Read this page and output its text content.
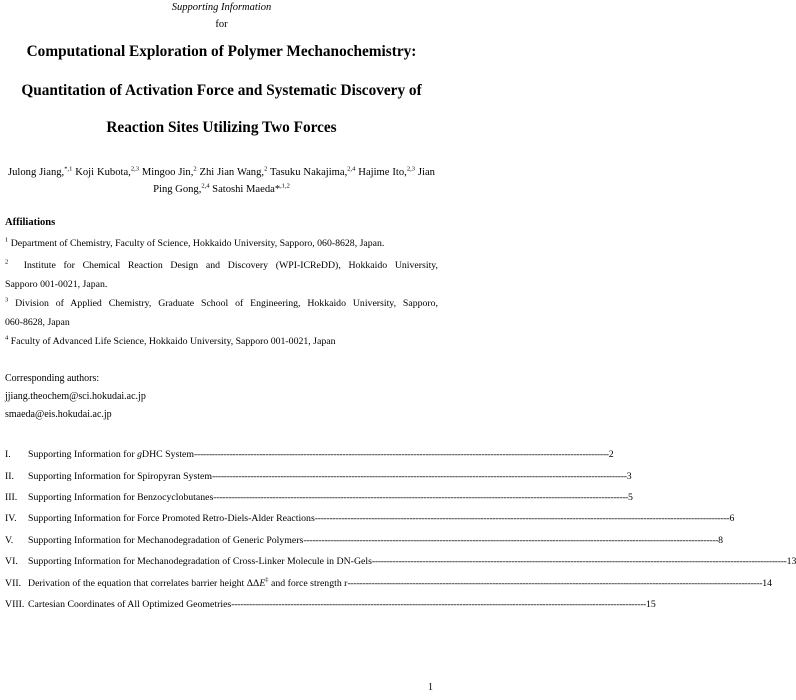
Supporting Information
for
Computational Exploration of Polymer Mechanochemistry:
Quantitation of Activation Force and Systematic Discovery of
Reaction Sites Utilizing Two Forces
Julong Jiang,$^{*,1}$ Koji Kubota,$^{2,3}$ Mingoo Jin,$^2$ Zhi Jian Wang,$^2$ Tasuku Nakajima,$^{2,4}$ Hajime Ito,$^{2,3}$ Jian Ping Gong,$^{2,4}$ Satoshi Maeda*$^{,1,2}$
Affiliations
$^1$ Department of Chemistry, Faculty of Science, Hokkaido University, Sapporo, 060-8628, Japan.
$^2$ Institute for Chemical Reaction Design and Discovery (WPI-ICReDD), Hokkaido University,
Sapporo 001-0021, Japan.
$^3$ Division of Applied Chemistry, Graduate School of Engineering, Hokkaido University, Sapporo,
060-8628, Japan
$^4$ Faculty of Advanced Life Science, Hokkaido University, Sapporo 001-0021, Japan
Corresponding authors:
jjiang.theochem@sci.hokudai.ac.jp
smaeda@eis.hokudai.ac.jp
I.	Supporting Information for gDHC System -------------------------------------------------------------------------------------------------------------------------------------------- 2
II.	Supporting Information for Spiropyran System -------------------------------------------------------------------------------------------------------------------------------------------- 3
III.	Supporting Information for Benzocyclobutanes -------------------------------------------------------------------------------------------------------------------------------------------- 5
IV.	Supporting Information for Force Promoted Retro-Diels-Alder Reactions -------------------------------------------------------------------------------------------------------------------------------------------- 6
V.	Supporting Information for Mechanodegradation of Generic Polymers -------------------------------------------------------------------------------------------------------------------------------------------- 8
VI.	Supporting Information for Mechanodegradation of Cross-Linker Molecule in DN-Gels -------------------------------------------------------------------------------------------------------------------------------------------- 13
VII. Derivation of the equation that correlates barrier height ΔΔE‡ and force strength r -------------------------------------------------------------------------------------------------------------------------------------------- 14
VIII. Cartesian Coordinates of All Optimized Geometries -------------------------------------------------------------------------------------------------------------------------------------------- 15
1
